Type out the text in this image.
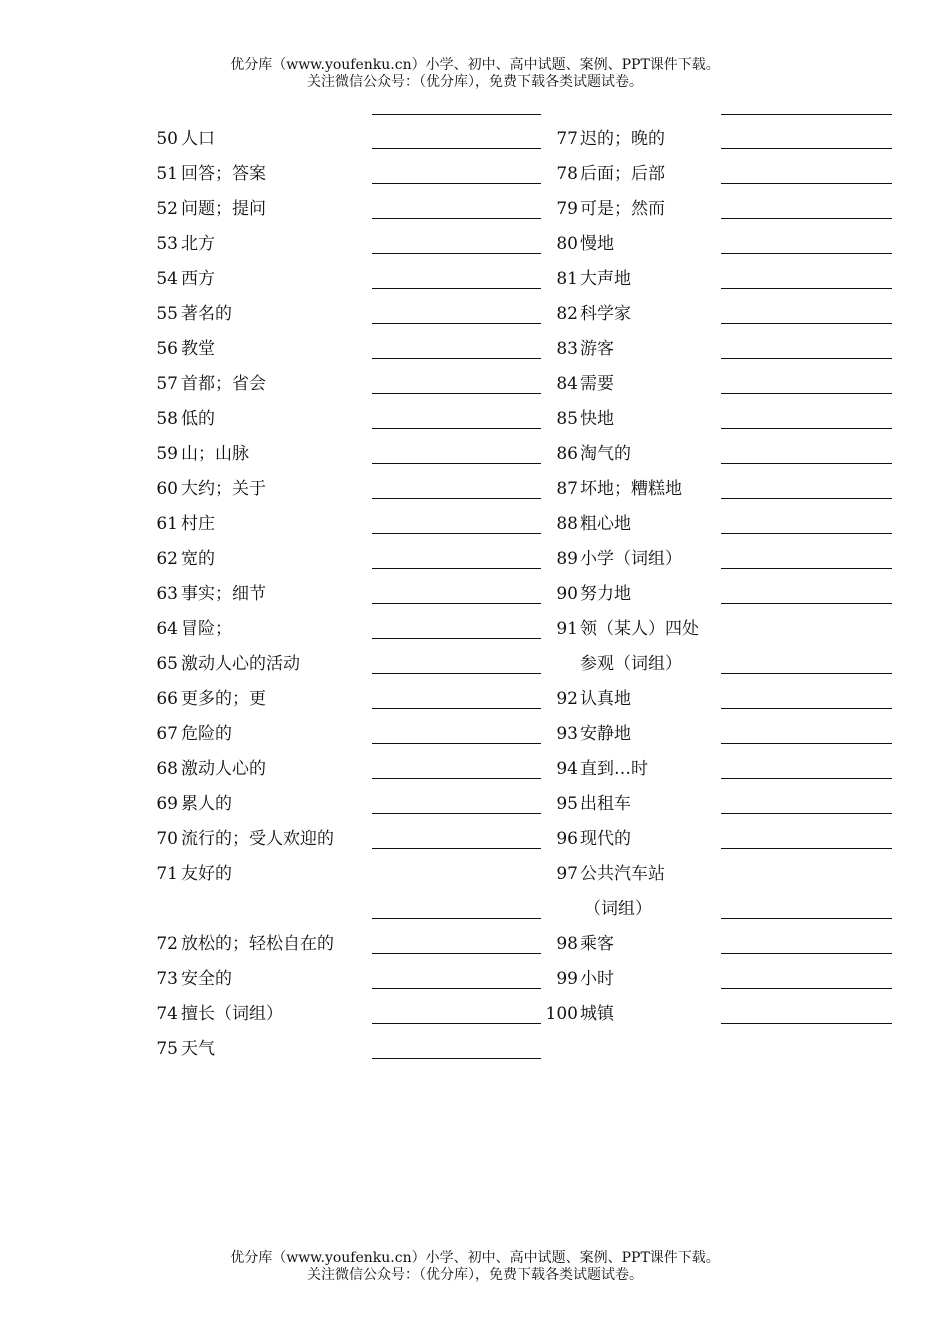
优分库（www.youfenku.cn）小学、初中、高中试题、案例、PPT课件下载。
关注微信公众号：（优分库），免费下载各类试题试卷。
50 人口
51 回答；答案
52 问题；提问
53 北方
54 西方
55 著名的
56 教堂
57 首都；省会
58 低的
59 山；山脉
60 大约；关于
61 村庄
62 宽的
63 事实；细节
64 冒险；
65 激动人心的活动
66 更多的；更
67 危险的
68 激动人心的
69 累人的
70 流行的；受人欢迎的
71 友好的
72 放松的；轻松自在的
73 安全的
74 擅长（词组）
75 天气
77 迟的；晚的
78 后面；后部
79 可是；然而
80 慢地
81 大声地
82 科学家
83 游客
84 需要
85 快地
86 淘气的
87 坏地；糟糕地
88 粗心地
89 小学（词组）
90 努力地
91 领（某人）四处
参观（词组）
92 认真地
93 安静地
94 直到…时
95 出租车
96 现代的
97 公共汽车站
（词组）
98 乘客
99 小时
100 城镇
优分库（www.youfenku.cn）小学、初中、高中试题、案例、PPT课件下载。
关注微信公众号：（优分库），免费下载各类试题试卷。
